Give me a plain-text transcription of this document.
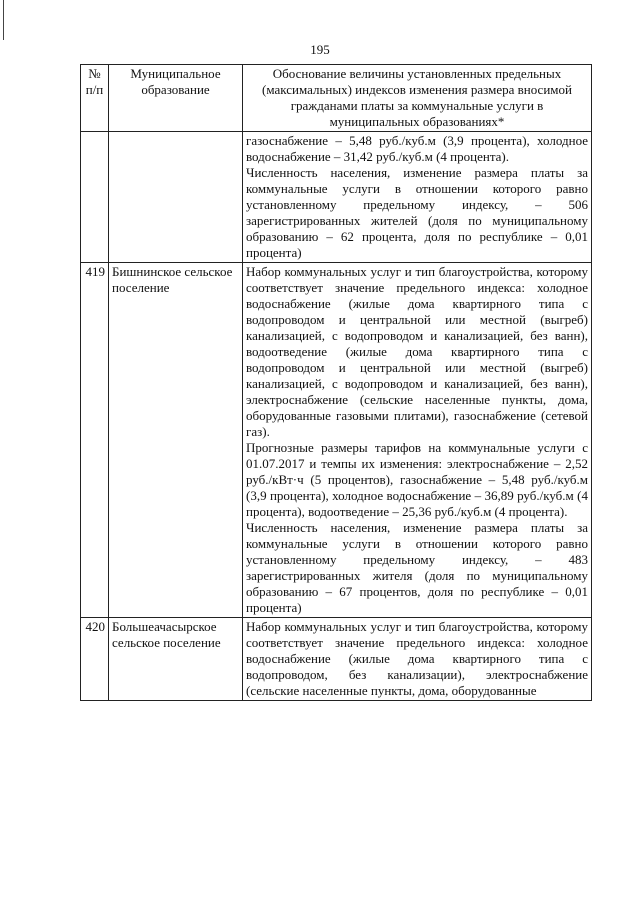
195
№ п/п	Муниципальное образование	Обоснование величины установленных предельных (максимальных) индексов изменения размера вносимой гражданами платы за коммунальные услуги в муниципальных образованиях*

		газоснабжение – 5,48 руб./куб.м (3,9 процента), холодное водоснабжение – 31,42 руб./куб.м (4 процента).

Численность населения, изменение размера платы за коммунальные услуги в отношении которого равно установленному предельному индексу, – 506 зарегистрированных жителей (доля по муниципальному образованию – 62 процента, доля по республике – 0,01 процента)

419	Бишнинское сельское поселение	Набор коммунальных услуг и тип благоустройства, которому соответствует значение предельного индекса: холодное водоснабжение (жилые дома квартирного типа с водопроводом и центральной или местной (выгреб) канализацией, с водопроводом и канализацией, без ванн), водоотведение (жилые дома квартирного типа с водопроводом и центральной или местной (выгреб) канализацией, с водопроводом и канализацией, без ванн), электроснабжение (сельские населенные пункты, дома, оборудованные газовыми плитами), газоснабжение (сетевой газ).

Прогнозные размеры тарифов на коммунальные услуги с 01.07.2017 и темпы их изменения: электроснабжение – 2,52 руб./кВт·ч (5 процентов), газоснабжение – 5,48 руб./куб.м (3,9 процента), холодное водоснабжение – 36,89 руб./куб.м (4 процента), водоотведение – 25,36 руб./куб.м (4 процента).

Численность населения, изменение размера платы за коммунальные услуги в отношении которого равно установленному предельному индексу, – 483 зарегистрированных жителя (доля по муниципальному образованию – 67 процентов, доля по республике – 0,01 процента)

420	Большеачасырское сельское поселение	Набор коммунальных услуг и тип благоустройства, которому соответствует значение предельного индекса: холодное водоснабжение (жилые дома квартирного типа с водопроводом, без канализации), электроснабжение (сельские населенные пункты, дома, оборудованные
